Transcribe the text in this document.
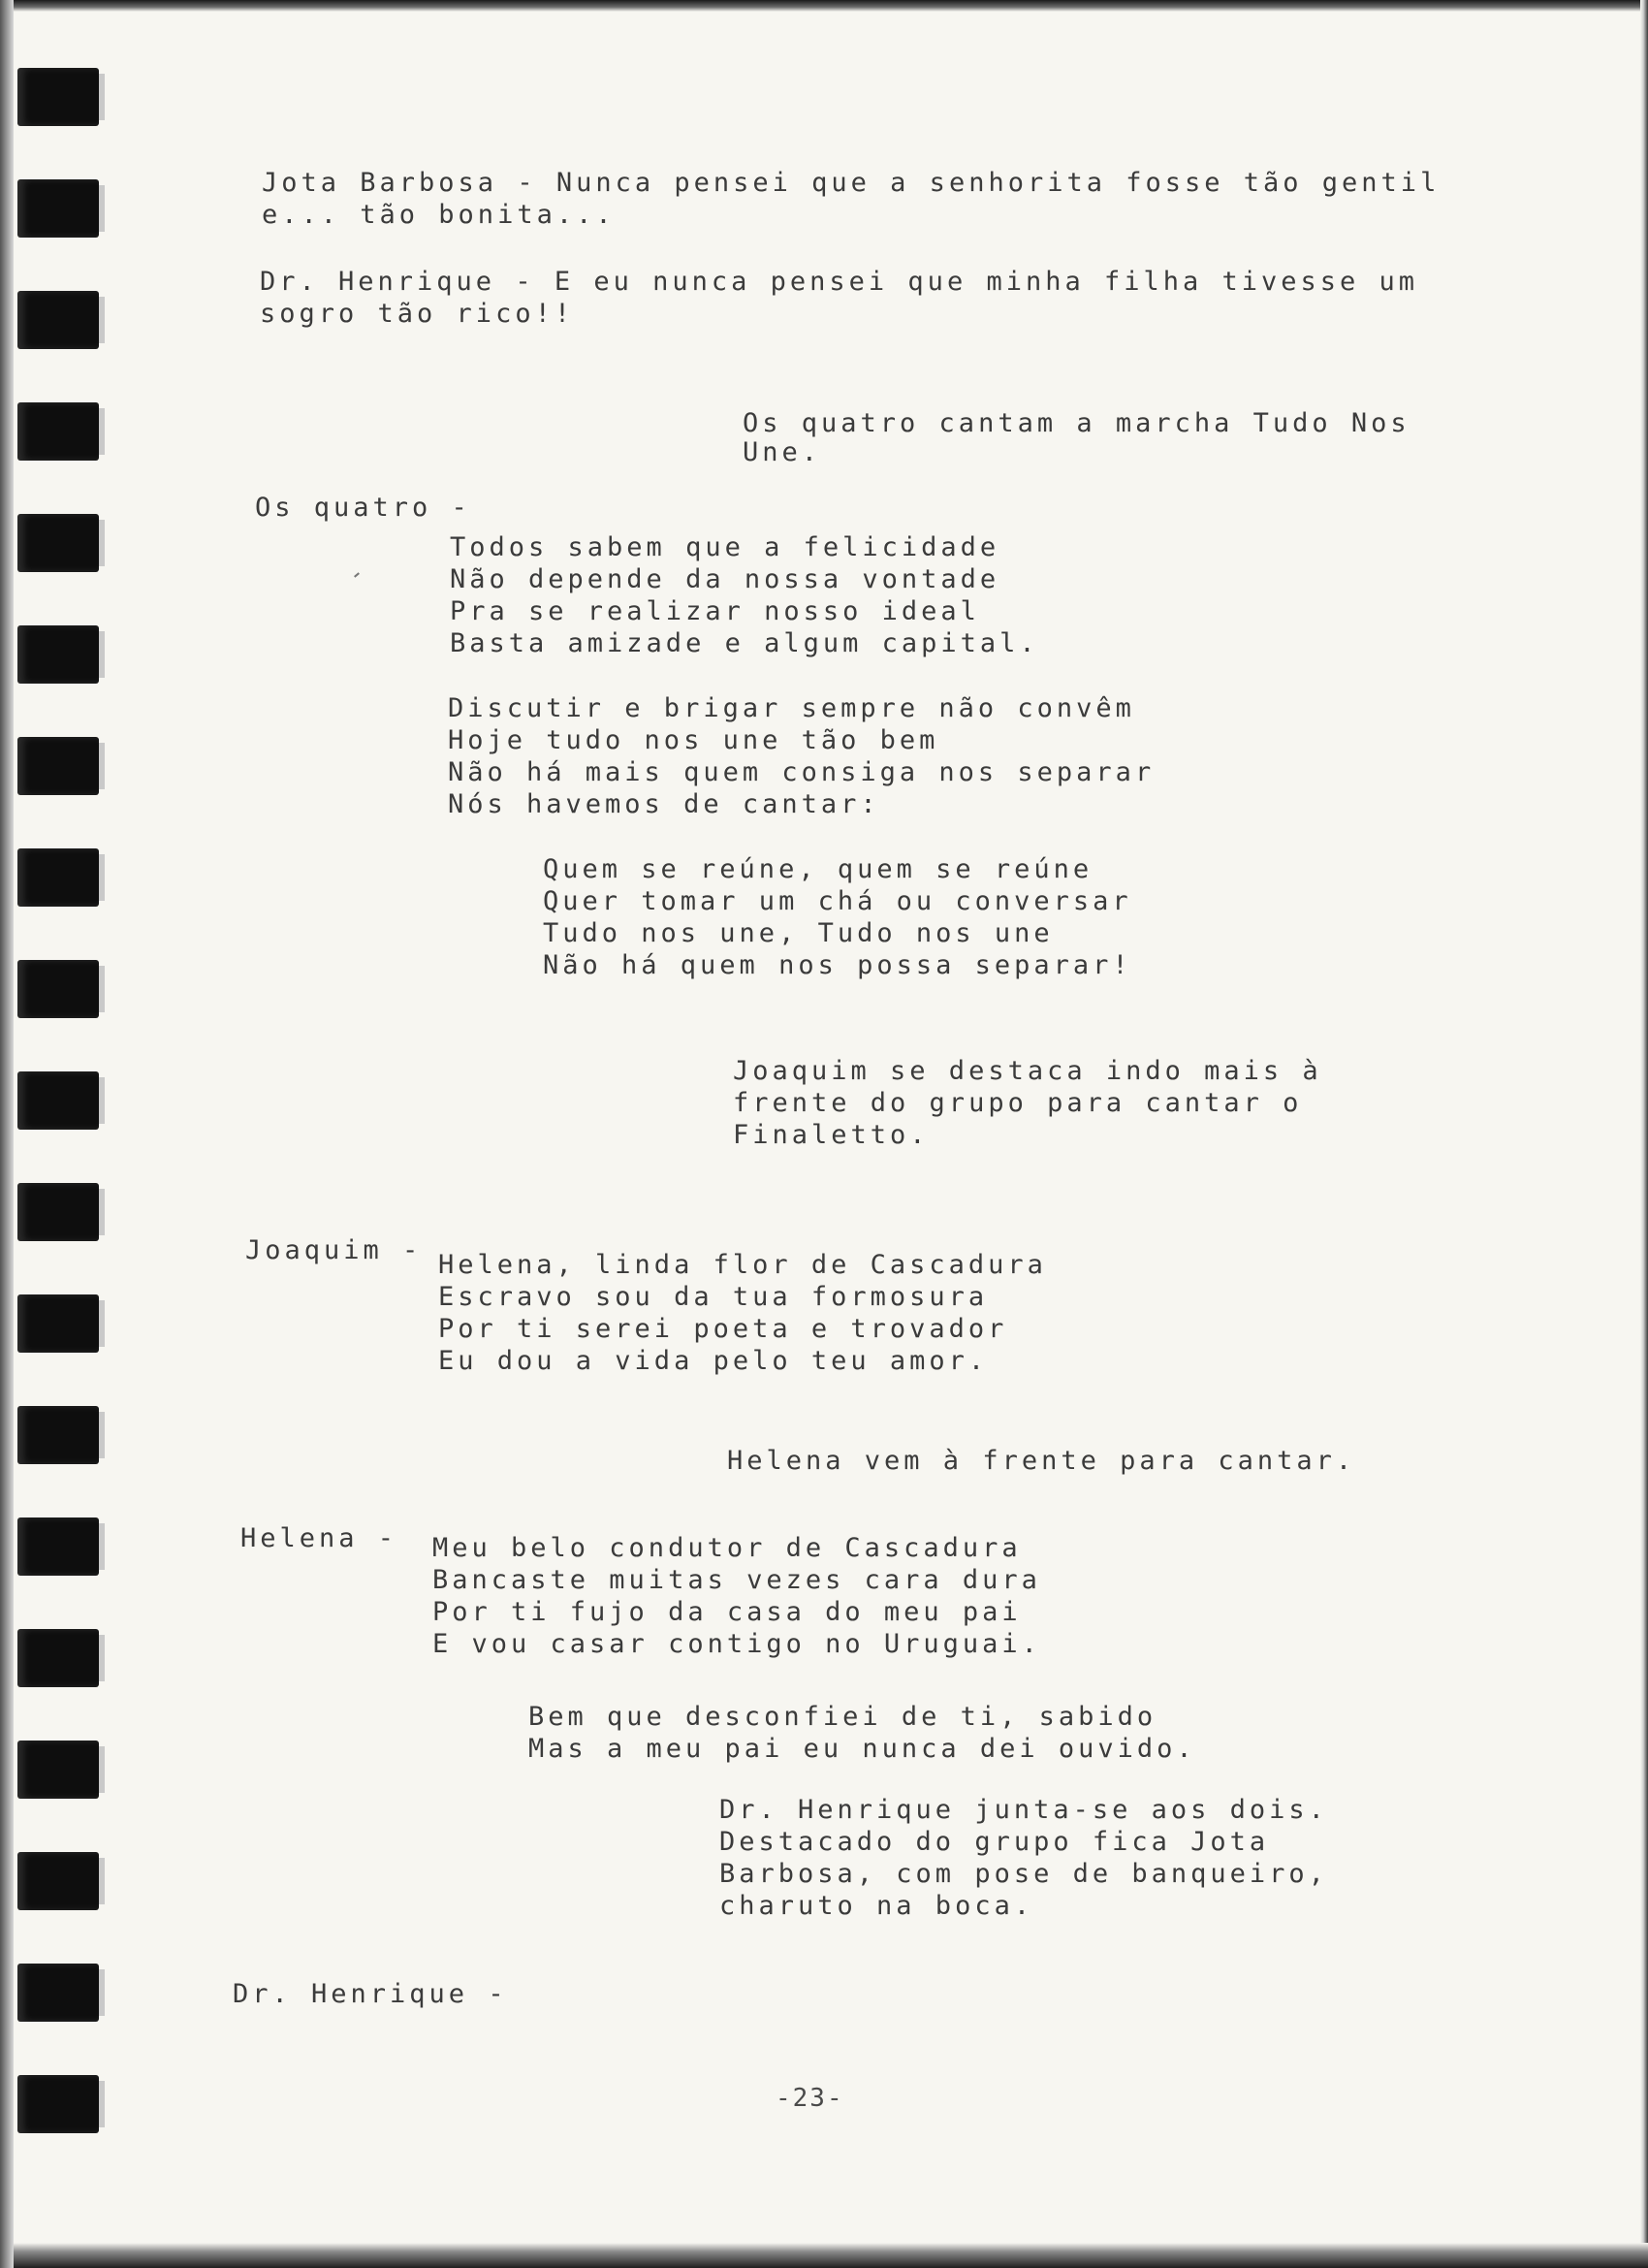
Jota Barbosa - Nunca pensei que a senhorita fosse tão gentil

e... tão bonita...

Dr. Henrique - E eu nunca pensei que minha filha tivesse um

sogro tão rico!!

Os quatro cantam a marcha Tudo Nos

Une.

Os quatro -

Todos sabem que a felicidade

Não depende da nossa vontade

Pra se realizar nosso ideal

Basta amizade e algum capital.

Discutir e brigar sempre não convêm

Hoje tudo nos une tão bem

Não há mais quem consiga nos separar

Nós havemos de cantar:

Quem se reúne, quem se reúne

Quer tomar um chá ou conversar

Tudo nos une, Tudo nos une

Não há quem nos possa separar!

Joaquim se destaca indo mais à

frente do grupo para cantar o

Finaletto.

Joaquim - Helena, linda flor de Cascadura

Escravo sou da tua formosura

Por ti serei poeta e trovador

Eu dou a vida pelo teu amor.

Helena vem à frente para cantar.

Helena - Meu belo condutor de Cascadura

Bancaste muitas vezes cara dura

Por ti fujo da casa do meu pai

E vou casar contigo no Uruguai.

Bem que desconfiei de ti, sabido

Mas a meu pai eu nunca dei ouvido.

Dr. Henrique junta-se aos dois.

Destacado do grupo fica Jota

Barbosa, com pose de banqueiro,

charuto na boca.

Dr. Henrique -

-23-
